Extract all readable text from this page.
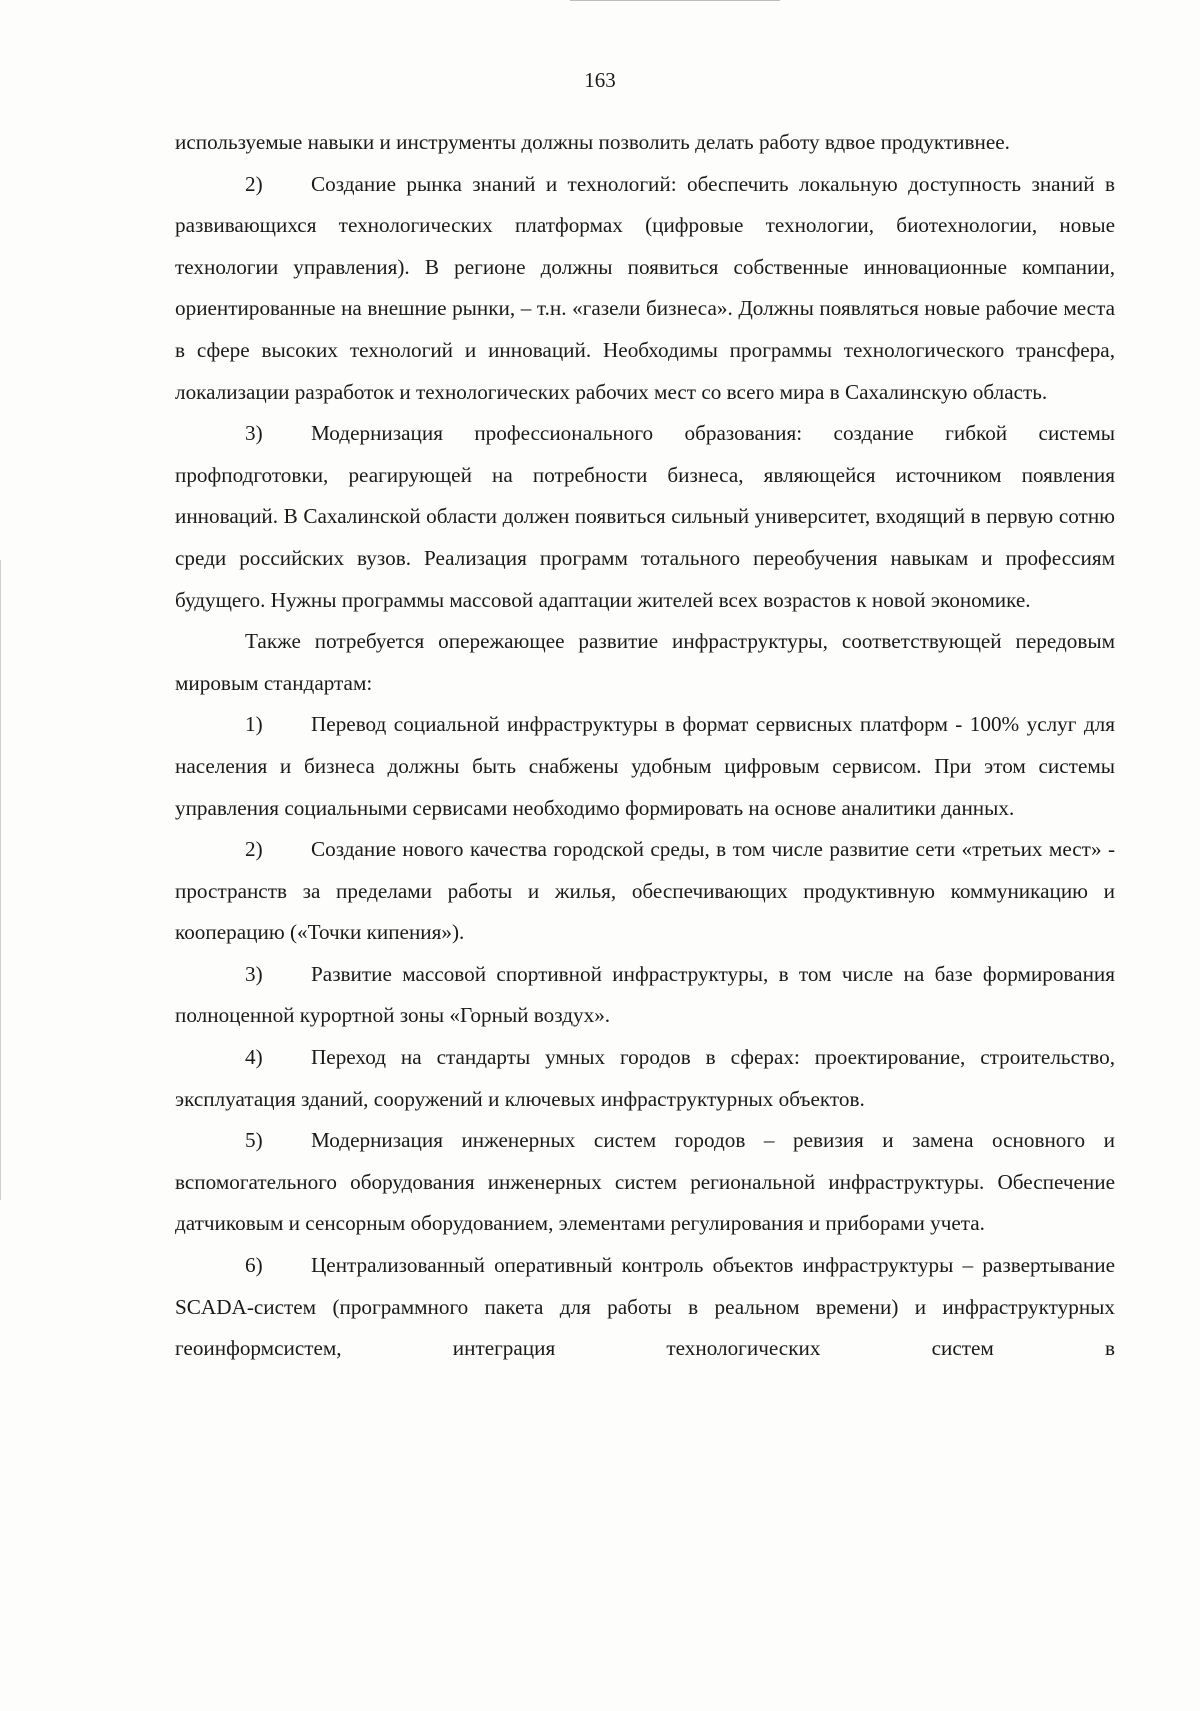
163

используемые навыки и инструменты должны позволить делать работу вдвое продуктивнее.

2) Создание рынка знаний и технологий: обеспечить локальную доступность знаний в развивающихся технологических платформах (цифровые технологии, биотехнологии, новые технологии управления). В регионе должны появиться собственные инновационные компании, ориентированные на внешние рынки, – т.н. «газели бизнеса». Должны появляться новые рабочие места в сфере высоких технологий и инноваций. Необходимы программы технологического трансфера, локализации разработок и технологических рабочих мест со всего мира в Сахалинскую область.

3) Модернизация профессионального образования: создание гибкой системы профподготовки, реагирующей на потребности бизнеса, являющейся источником появления инноваций. В Сахалинской области должен появиться сильный университет, входящий в первую сотню среди российских вузов. Реализация программ тотального переобучения навыкам и профессиям будущего. Нужны программы массовой адаптации жителей всех возрастов к новой экономике.

Также потребуется опережающее развитие инфраструктуры, соответствующей передовым мировым стандартам:

1) Перевод социальной инфраструктуры в формат сервисных платформ - 100% услуг для населения и бизнеса должны быть снабжены удобным цифровым сервисом. При этом системы управления социальными сервисами необходимо формировать на основе аналитики данных.

2) Создание нового качества городской среды, в том числе развитие сети «третьих мест» - пространств за пределами работы и жилья, обеспечивающих продуктивную коммуникацию и кооперацию («Точки кипения»).

3) Развитие массовой спортивной инфраструктуры, в том числе на базе формирования полноценной курортной зоны «Горный воздух».

4) Переход на стандарты умных городов в сферах: проектирование, строительство, эксплуатация зданий, сооружений и ключевых инфраструктурных объектов.

5) Модернизация инженерных систем городов – ревизия и замена основного и вспомогательного оборудования инженерных систем региональной инфраструктуры. Обеспечение датчиковым и сенсорным оборудованием, элементами регулирования и приборами учета.

6) Централизованный оперативный контроль объектов инфраструктуры – развертывание SCADA-систем (программного пакета для работы в реальном времени) и инфраструктурных геоинформсистем, интеграция технологических систем в
